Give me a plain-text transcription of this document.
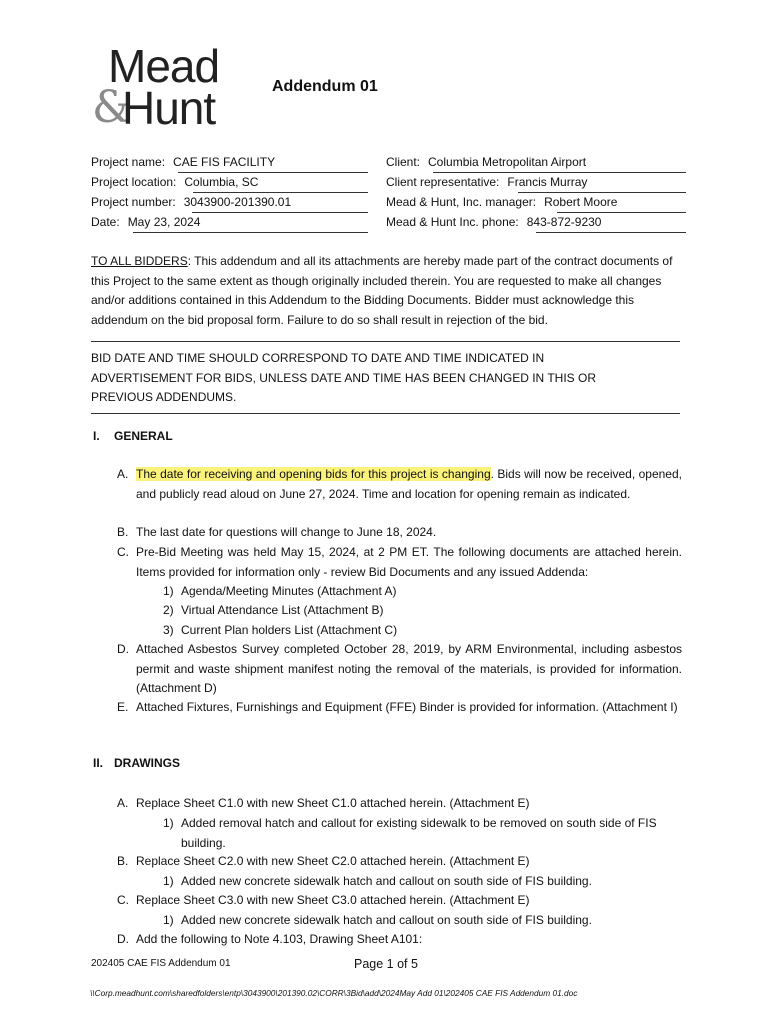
Mead
&
Hunt	Addendum 01
Project name: CAE FIS FACILITY
Project location: Columbia, SC
Project number: 3043900-201390.01
Date: May 23, 2024
Client: Columbia Metropolitan Airport
Client representative: Francis Murray
Mead & Hunt, Inc. manager: Robert Moore
Mead & Hunt Inc. phone: 843-872-9230
TO ALL BIDDERS: This addendum and all its attachments are hereby made part of the contract documents of this Project to the same extent as though originally included therein. You are requested to make all changes and/or additions contained in this Addendum to the Bidding Documents. Bidder must acknowledge this addendum on the bid proposal form. Failure to do so shall result in rejection of the bid.
BID DATE AND TIME SHOULD CORRESPOND TO DATE AND TIME INDICATED IN ADVERTISEMENT FOR BIDS, UNLESS DATE AND TIME HAS BEEN CHANGED IN THIS OR PREVIOUS ADDENDUMS.
I. GENERAL
A. The date for receiving and opening bids for this project is changing. Bids will now be received, opened, and publicly read aloud on June 27, 2024. Time and location for opening remain as indicated.
B. The last date for questions will change to June 18, 2024.
C. Pre-Bid Meeting was held May 15, 2024, at 2 PM ET. The following documents are attached herein. Items provided for information only - review Bid Documents and any issued Addenda:
1) Agenda/Meeting Minutes (Attachment A)
2) Virtual Attendance List (Attachment B)
3) Current Plan holders List (Attachment C)
D. Attached Asbestos Survey completed October 28, 2019, by ARM Environmental, including asbestos permit and waste shipment manifest noting the removal of the materials, is provided for information. (Attachment D)
E. Attached Fixtures, Furnishings and Equipment (FFE) Binder is provided for information. (Attachment I)
II. DRAWINGS
A. Replace Sheet C1.0 with new Sheet C1.0 attached herein. (Attachment E)
1) Added removal hatch and callout for existing sidewalk to be removed on south side of FIS building.
B. Replace Sheet C2.0 with new Sheet C2.0 attached herein. (Attachment E)
1) Added new concrete sidewalk hatch and callout on south side of FIS building.
C. Replace Sheet C3.0 with new Sheet C3.0 attached herein. (Attachment E)
1) Added new concrete sidewalk hatch and callout on south side of FIS building.
D. Add the following to Note 4.103, Drawing Sheet A101:
202405 CAE FIS Addendum 01	Page 1 of 5
\\Corp.meadhunt.com\sharedfolders\entp\3043900\201390.02\CORR\3Bid\add\2024May Add 01\202405 CAE FIS Addendum 01.doc
